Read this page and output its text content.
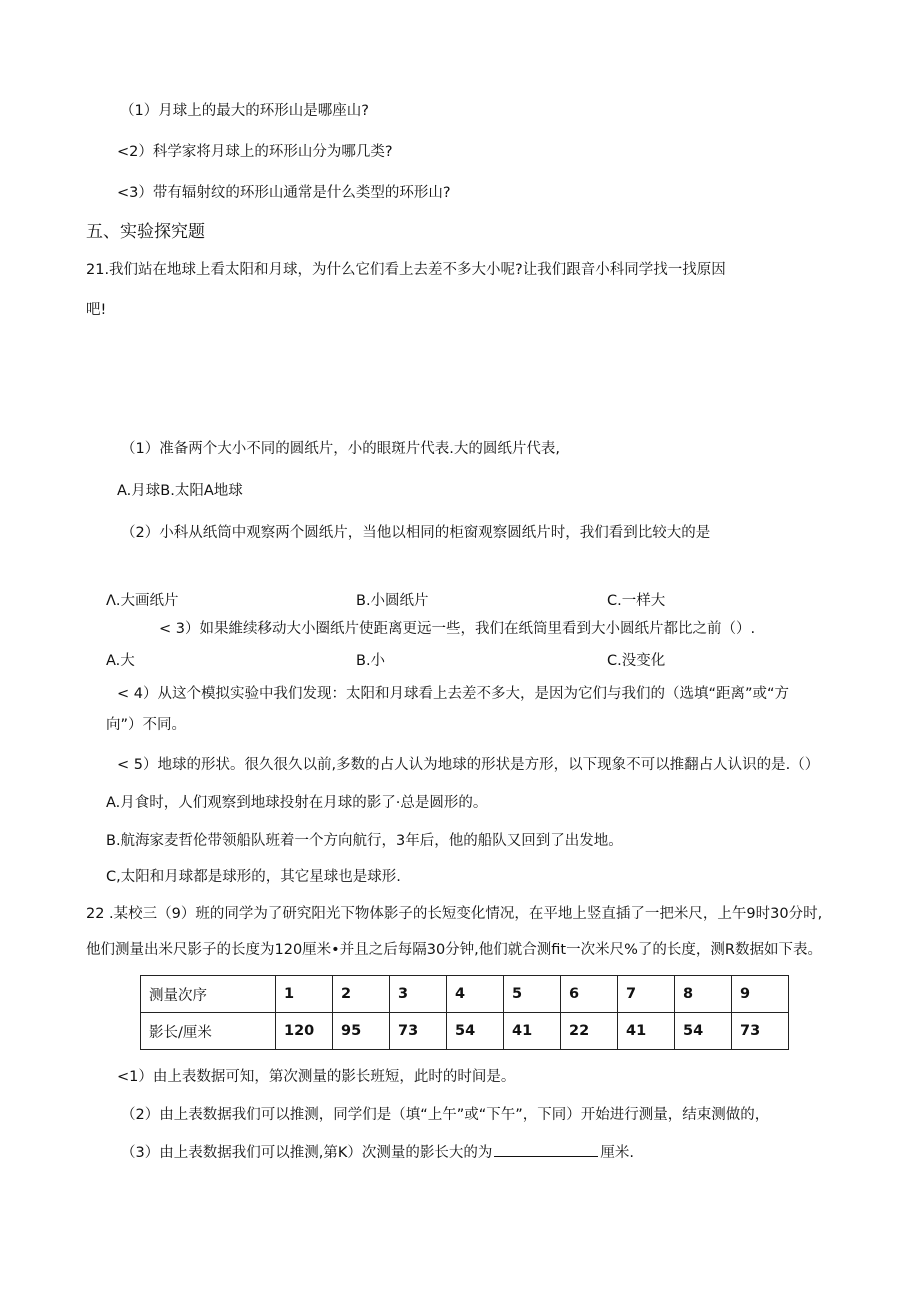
（1）月球上的最大的环形山是哪座山?
<2）科学家将月球上的环形山分为哪几类?
<3）带有辐射纹的环形山通常是什么类型的环形山?
五、实验探究题
21.我们站在地球上看太阳和月球，为什么它们看上去差不多大小呢?让我们跟音小科同学找一找原因
吧!
（1）准备两个大小不同的圆纸片，小的眼斑片代表.大的圆纸片代表,
A.月球B.太阳A地球
（2）小科从纸筒中观察两个圆纸片，当他以相同的柜窗观察圆纸片时，我们看到比较大的是
Λ.大画纸片	B.小圆纸片	C.一样大
< 3）如果維续移动大小圈纸片使距离更远一些，我们在纸筒里看到大小圆纸片都比之前（）.
A.大	B.小	C.没变化
< 4）从这个模拟实验中我们发现：太阳和月球看上去差不多大，是因为它们与我们的（选填“距离”或“方
向”）不同。
< 5）地球的形状。很久很久以前,多数的占人认为地球的形状是方形，以下现象不可以推翻占人认识的是.（）
A.月食时，人们观察到地球投射在月球的影了·总是圆形的。
B.航海家麦哲伦带领船队班着一个方向航行，3年后，他的船队又回到了出发地。
C,太阳和月球都是球形的，其它星球也是球形.
22 .某校三（9）班的同学为了研究阳光下物体影子的长短变化情况，在平地上竖直插了一把米尺，上午9时30分时,
他们测量出米尺影子的长度为120厘米•并且之后每隔30分钟,他们就合测fit一次米尺%了的长度，测R数据如下表。
测量次序	1	2	3	4	5	6	7	8	9
影长/厘米	120	95	73	54	41	22	41	54	73
<1）由上表数据可知，第次测量的影长班短，此时的时间是。
（2）由上表数据我们可以推测，同学们是（填“上午”或“下午”，下同）开始进行测量，结束测做的，
（3）由上表数据我们可以推测,第K）次测量的影长大的为	厘米.
